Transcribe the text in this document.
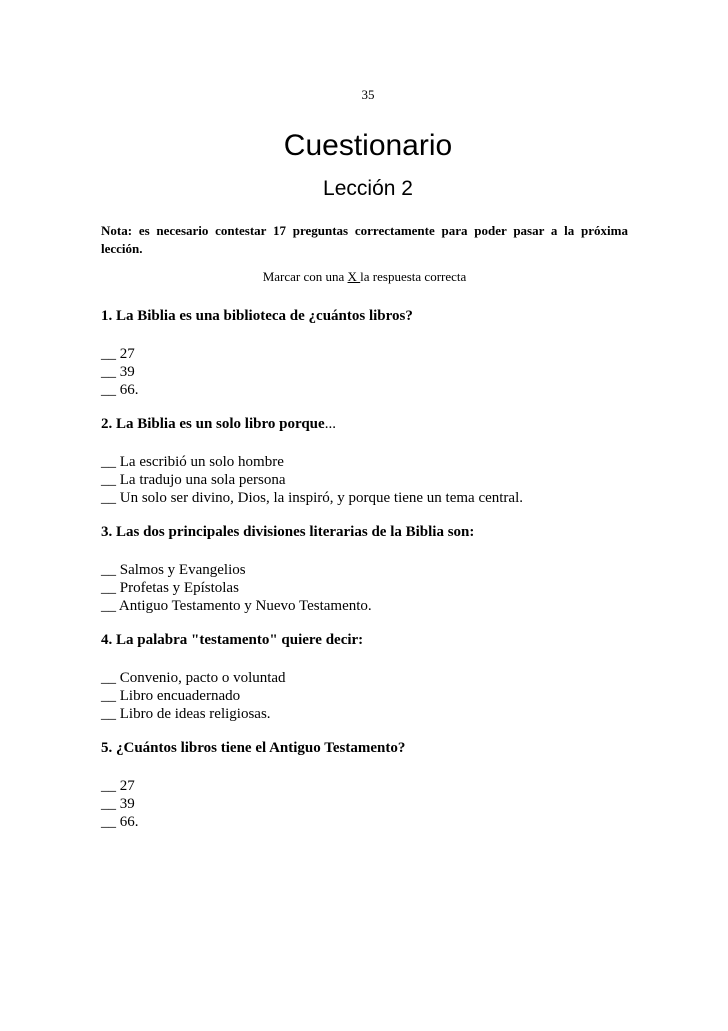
35
Cuestionario
Lección 2
Nota: es necesario contestar 17 preguntas correctamente para poder pasar a la próxima lección.
Marcar con una X la respuesta correcta
1. La Biblia es una biblioteca de ¿cuántos libros?
__ 27
__ 39
__ 66.
2. La Biblia es un solo libro porque...
__ La escribió un solo hombre
__ La tradujo una sola persona
__ Un solo ser divino, Dios, la inspiró, y porque tiene un tema central.
3. Las dos principales divisiones literarias de la Biblia son:
__ Salmos y Evangelios
__ Profetas y Epístolas
__ Antiguo Testamento y Nuevo Testamento.
4. La palabra "testamento" quiere decir:
__ Convenio, pacto o voluntad
__ Libro encuadernado
__ Libro de ideas religiosas.
5. ¿Cuántos libros tiene el Antiguo Testamento?
__ 27
__ 39
__ 66.
